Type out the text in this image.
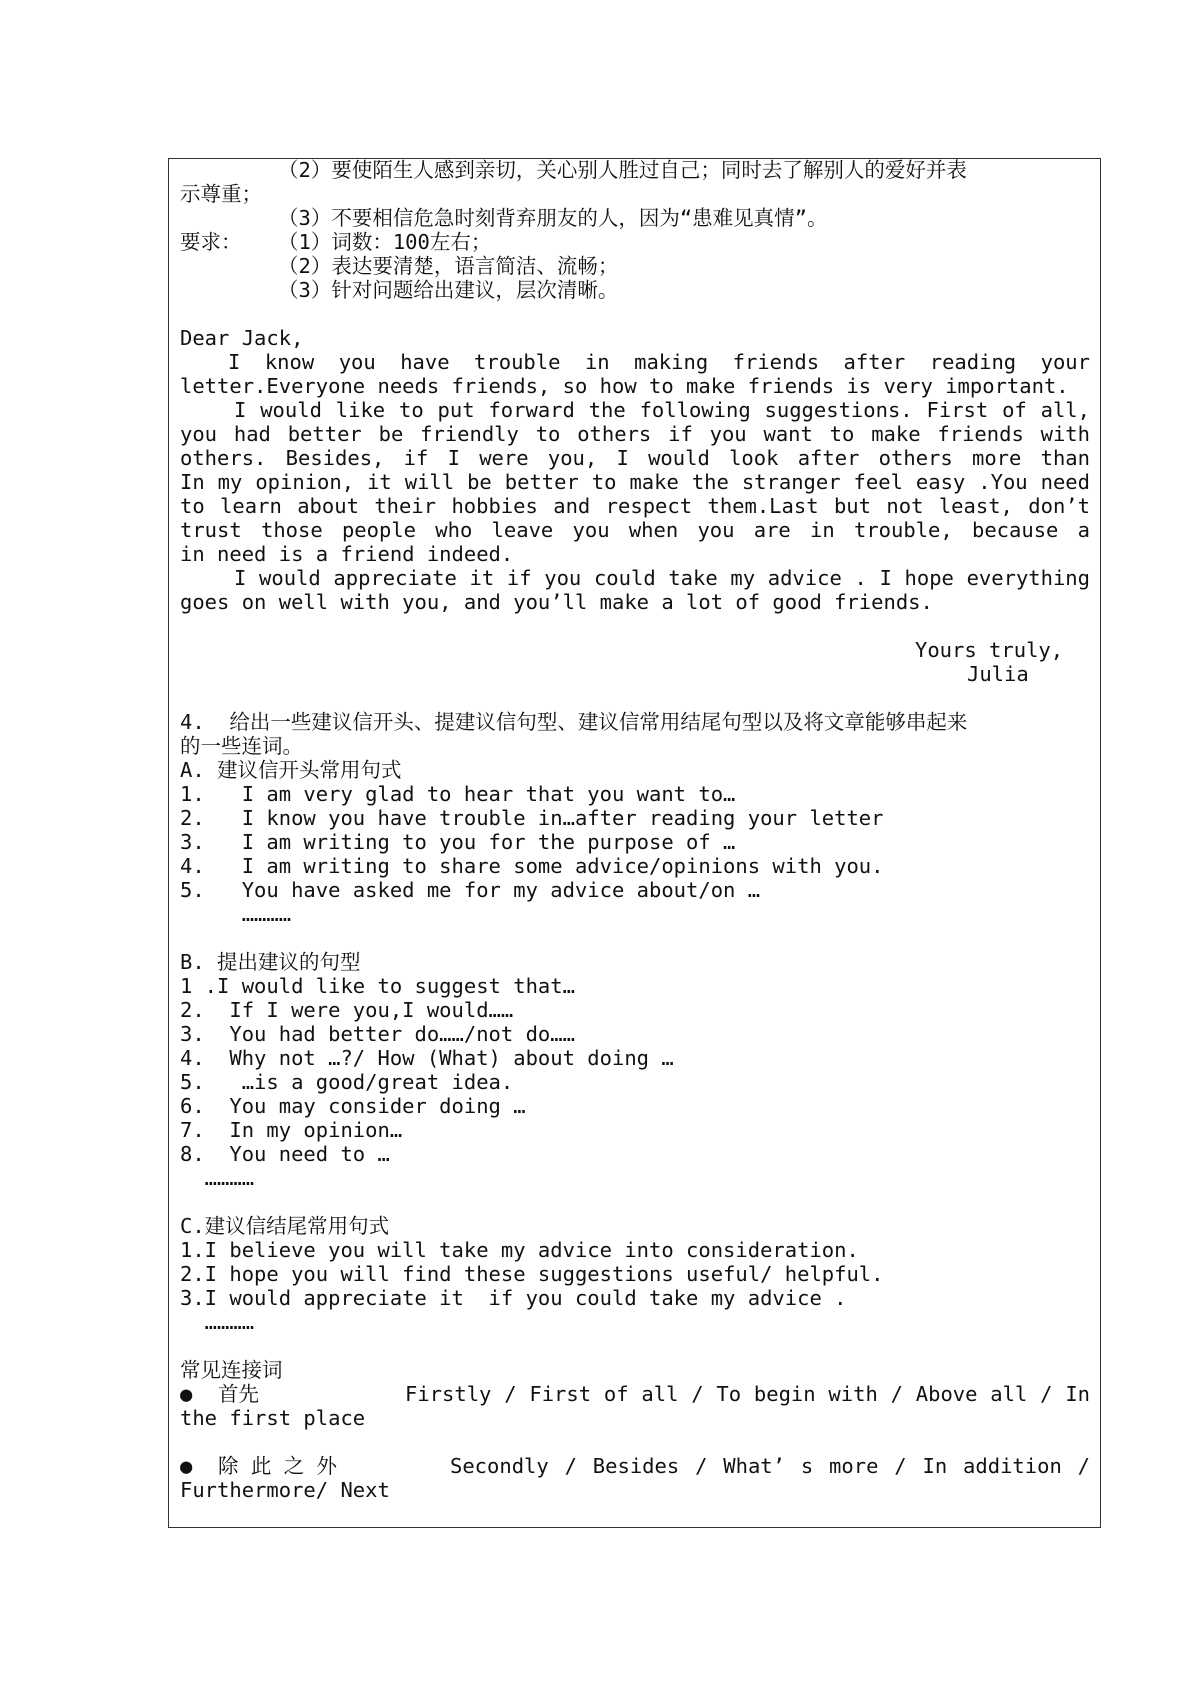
（2）要使陌生人感到亲切，关心别人胜过自己；同时去了解别人的爱好并表
示尊重；
（3）不要相信危急时刻背弃朋友的人，因为“患难见真情”。
要求： （1）词数：100左右；
（2）表达要清楚，语言简洁、流畅；
（3）针对问题给出建议，层次清晰。
Dear Jack,
I know you have trouble in making friends after reading your
letter.Everyone needs friends, so how to make friends is very important.
I would like to put forward the following suggestions. First of all,
you had better be friendly to others if you want to make friends with
others. Besides, if I were you, I would look after others more than
In my opinion, it will be better to make the stranger feel easy .You need
to learn about their hobbies and respect them.Last but not least, don’t
trust those people who leave you when you are in trouble, because a
in need is a friend indeed.
I would appreciate it if you could take my advice . I hope everything
goes on well with you, and you’ll make a lot of good friends.
Yours truly,
Julia
4.  给出一些建议信开头、提建议信句型、建议信常用结尾句型以及将文章能够串起来
的一些连词。
A. 建议信开头常用句式
1.   I am very glad to hear that you want to…
2.   I know you have trouble in…after reading your letter
3.   I am writing to you for the purpose of …
4.   I am writing to share some advice/opinions with you.
5.   You have asked me for my advice about/on …
…………
B. 提出建议的句型
1 .I would like to suggest that…
2.  If I were you,I would……
3.  You had better do……/not do……
4.  Why not …?/ How (What) about doing …
5.   …is a good/great idea.
6.  You may consider doing …
7.  In my opinion…
8.  You need to …
…………
C.建议信结尾常用句式
1.I believe you will take my advice into consideration.
2.I hope you will find these suggestions useful/ helpful.
3.I would appreciate it  if you could take my advice .
…………
常见连接词
● 首先	Firstly / First of all / To begin with / Above all / In
the first place
● 除 此 之 外	Secondly / Besides / What’ s more / In addition /
Furthermore/ Next
